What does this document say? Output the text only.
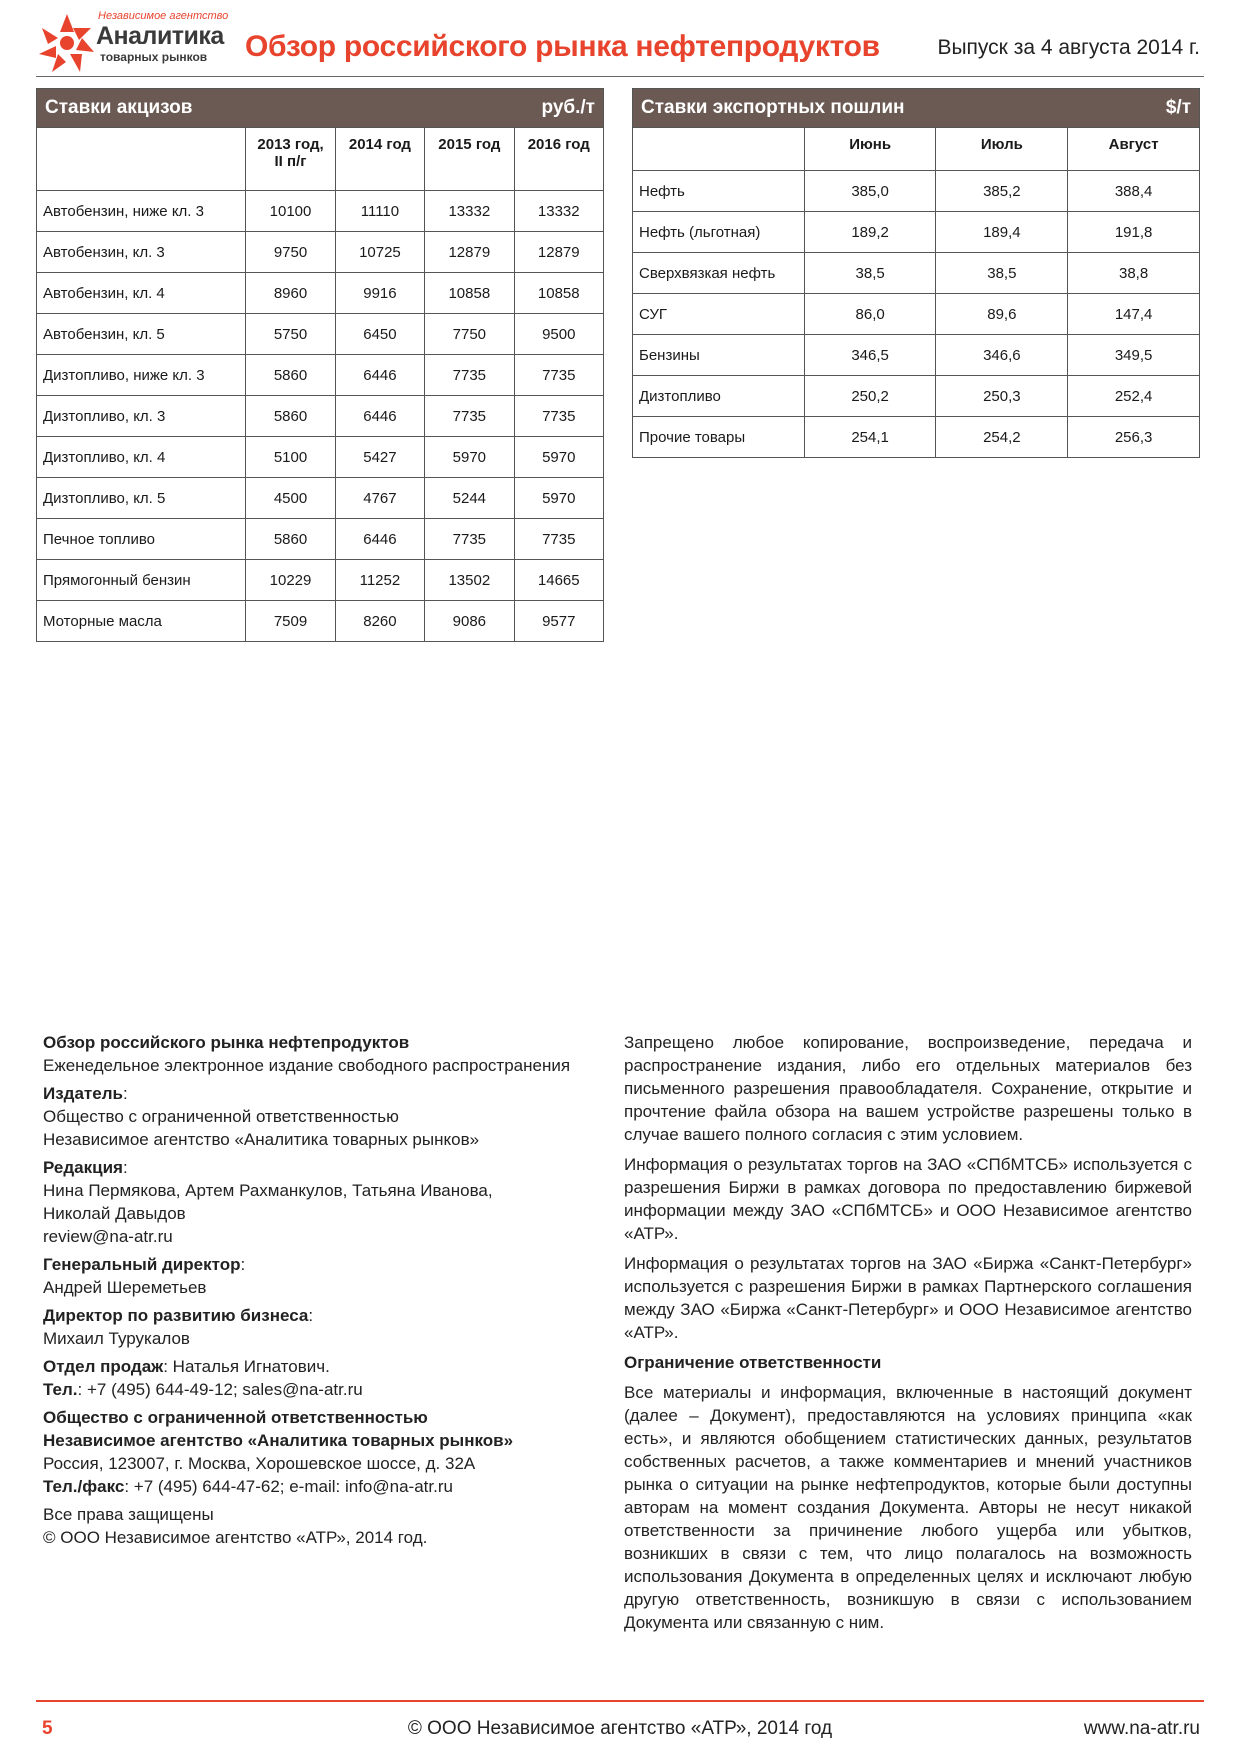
Независимое агентство
Аналитика
товарных рынков Обзор российского рынка нефтепродуктов	Выпуск за 4 августа 2014 г.
Ставки акцизов руб./т				

	2013 год,
II п/г	2014 год	2015 год	2016 год
Автобензин, ниже кл. 3	10100	11110	13332	13332
Автобензин, кл. 3	9750	10725	12879	12879
Автобензин, кл. 4	8960	9916	10858	10858
Автобензин, кл. 5	5750	6450	7750	9500
Дизтопливо, ниже кл. 3	5860	6446	7735	7735
Дизтопливо, кл. 3	5860	6446	7735	7735
Дизтопливо, кл. 4	5100	5427	5970	5970
Дизтопливо, кл. 5	4500	4767	5244	5970
Печное топливо	5860	6446	7735	7735
Прямогонный бензин	10229	11252	13502	14665
Моторные масла	7509	8260	9086	9577
Ставки экспортных пошлин $/т			

	Июнь	Июль	Август
Нефть	385,0	385,2	388,4
Нефть (льготная)	189,2	189,4	191,8
Сверхвязкая нефть	38,5	38,5	38,8
СУГ	86,0	89,6	147,4
Бензины	346,5	346,6	349,5
Дизтопливо	250,2	250,3	252,4
Прочие товары	254,1	254,2	256,3

Обзор российского рынка нефтепродуктов

Еженедельное электронное издание свободного распространения

Издатель:

Общество с ограниченной ответственностью

Независимое агентство «Аналитика товарных рынков»

Редакция:

Нина Пермякова, Артем Рахманкулов, Татьяна Иванова,

Николай Давыдов

review@na-atr.ru

Генеральный директор:

Андрей Шереметьев

Директор по развитию бизнеса:

Михаил Турукалов

Отдел продаж: Наталья Игнатович.

Тел.: +7 (495) 644-49-12; sales@na-atr.ru

Общество с ограниченной ответственностью

Независимое агентство «Аналитика товарных рынков»

Россия, 123007, г. Москва, Хорошевское шоссе, д. 32А

Тел./факс: +7 (495) 644-47-62; e-mail: info@na-atr.ru

Все права защищены

© ООО Независимое агентство «АТР», 2014 год.

Запрещено любое копирование, воспроизведение, передача и распространение издания, либо его отдельных материалов без письменного разрешения правообладателя. Сохранение, открытие и прочтение файла обзора на вашем устройстве разрешены только в случае вашего полного согласия с этим условием.

Информация о результатах торгов на ЗАО «СПбМТСБ» используется с разрешения Биржи в рамках договора по предоставлению биржевой информации между ЗАО «СПбМТСБ» и ООО Независимое агентство «АТР».

Информация о результатах торгов на ЗАО «Биржа «Санкт-Петербург» используется с разрешения Биржи в рамках Партнерского соглашения между ЗАО «Биржа «Санкт-Петербург» и ООО Независимое агентство «АТР».

Ограничение ответственности

Все материалы и информация, включенные в настоящий документ (далее – Документ), предоставляются на условиях принципа «как есть», и являются обобщением статистических данных, результатов собственных расчетов, а также комментариев и мнений участников рынка о ситуации на рынке нефтепродуктов, которые были доступны авторам на момент создания Документа. Авторы не несут никакой ответственности за причинение любого ущерба или убытков, возникших в связи с тем, что лицо полагалось на возможность использования Документа в определенных целях и исключают любую другую ответственность, возникшую в связи с использованием Документа или связанную с ним.

© ООО Независимое агентство «АТР», 2014 год
5	www.na-atr.ru
